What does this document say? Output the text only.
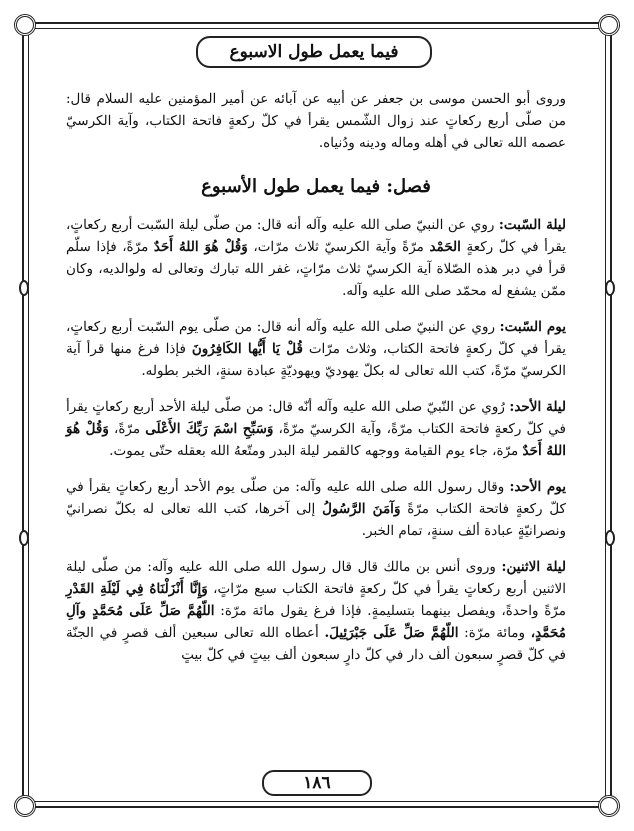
فيما يعمل طول الاسبوع

وروى أبو الحسن موسى بن جعفر عن أبيه عن آبائه عن أمير المؤمنين عليه السلام قال: من صلّى أربع ركعاتٍ عند زوال الشّمس يقرأ في كلّ ركعةٍ فاتحة الكتاب، وآية الكرسيّ عصمه الله تعالى في أهله وماله ودينه ودُنياه.

فصل: فيما يعمل طول الأسبوع

ليلة السّبت: روي عن النبيّ صلى الله عليه وآله أنه قال: من صلّى ليلة السّبت أربع ركعاتٍ، يقرأ في كلّ ركعةٍ الحَمْد مرّةً وآية الكرسيّ ثلاث مرّات، وَقُلْ هُوَ اللهُ أَحَدٌ مرّةً، فإذا سلّم قرأ في دبر هذه الصّلاة آية الكرسيّ ثلاث مرّاتٍ، غفر الله تبارك وتعالى له ولوالديه، وكان ممّن يشفع له محمّد صلى الله عليه وآله.

يوم السّبت: روي عن النبيّ صلى الله عليه وآله أنه قال: من صلّى يوم السّبت أربع ركعاتٍ، يقرأ في كلّ ركعةٍ فاتحة الكتاب، وثلاث مرّات قُلْ يَا أَيُّها الكَافِرُونَ فإذا فرغ منها قرأ آية الكرسيّ مرّةً، كتب الله تعالى له بكلّ يهوديّ ويهوديّةٍ عبادة سنةٍ، الخبر بطوله.

ليلة الأحد: رُوي عن النّبيّ صلى الله عليه وآله أنّه قال: من صلّى ليلة الأحد أربع ركعاتٍ يقرأ في كلّ ركعةٍ فاتحة الكتاب مرّةً، وآية الكرسيّ مرّةً، وَسَبِّحِ اسْمَ رَبِّكَ الأَعْلَى مرّةً، وَقُلْ هُوَ اللهُ أَحَدٌ مرّة، جاء يوم القيامة ووجهه كالقمر ليلة البدر ومتّعهُ الله بعقله حتّى يموت.

يوم الأحد: وقال رسول الله صلى الله عليه وآله: من صلّى يوم الأحد أربع ركعاتٍ يقرأ في كلّ ركعةٍ فاتحة الكتاب مرّةً وَآمَنَ الرَّسُولُ إلى آخرها، كتب الله تعالى له بكلّ نصرانيّ ونصرانيّةٍ عبادة ألف سنةٍ، تمام الخبر.

ليلة الاثنين: وروى أنس بن مالك قال قال رسول الله صلى الله عليه وآله: من صلّى ليلة الاثنين أربع ركعاتٍ يقرأ في كلّ ركعةٍ فاتحة الكتاب سبع مرّاتٍ، وَإِنَّا أَنْزَلْنَاهُ فِي لَيْلَةِ القَدْرِ مرّةً واحدةً، ويفصل بينهما بتسليمةٍ. فإذا فرغ يقول مائة مرّة: اللّهُمَّ صَلِّ عَلَى مُحَمَّدٍ وآلِ مُحَمَّدٍ، ومائة مرّة: اللّهُمَّ صَلِّ عَلَى جَبْرَئِيلَ. أعطاه الله تعالى سبعين ألف قصرٍ في الجنّة في كلّ قصرٍ سبعون ألف دار في كلّ دارٍ سبعون ألف بيتٍ في كلّ بيتٍ

١٨٦
